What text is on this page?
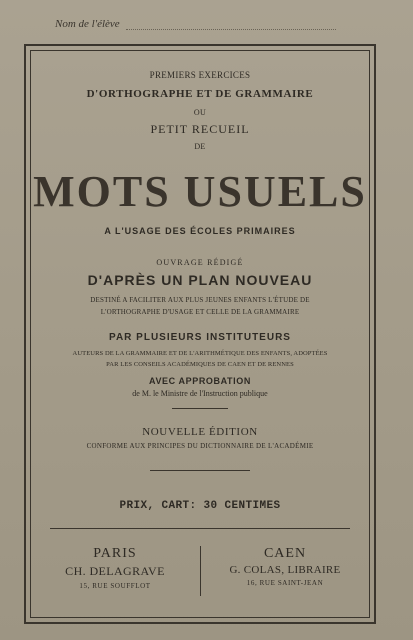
Nom de l'élève
PREMIERS EXERCICES
D'ORTHOGRAPHE ET DE GRAMMAIRE
OU
PETIT RECUEIL
DE
MOTS USUELS
A L'USAGE DES ÉCOLES PRIMAIRES
OUVRAGE RÉDIGÉ
D'APRÈS UN PLAN NOUVEAU
DESTINÉ A FACILITER AUX PLUS JEUNES ENFANTS L'ÉTUDE DE
L'ORTHOGRAPHE D'USAGE ET CELLE DE LA GRAMMAIRE
PAR PLUSIEURS INSTITUTEURS
AUTEURS DE LA GRAMMAIRE ET DE L'ARITHMÉTIQUE DES ENFANTS, ADOPTÉES
PAR LES CONSEILS ACADÉMIQUES DE CAEN ET DE RENNES
AVEC APPROBATION
de M. le Ministre de l'Instruction publique
NOUVELLE ÉDITION
CONFORME AUX PRINCIPES DU DICTIONNAIRE DE L'ACADÉMIE
PRIX, CART: 30 CENTIMES
PARIS
CH. DELAGRAVE
15, RUE SOUFFLOT
CAEN
G. COLAS, LIBRAIRE
16, RUE SAINT-JEAN
